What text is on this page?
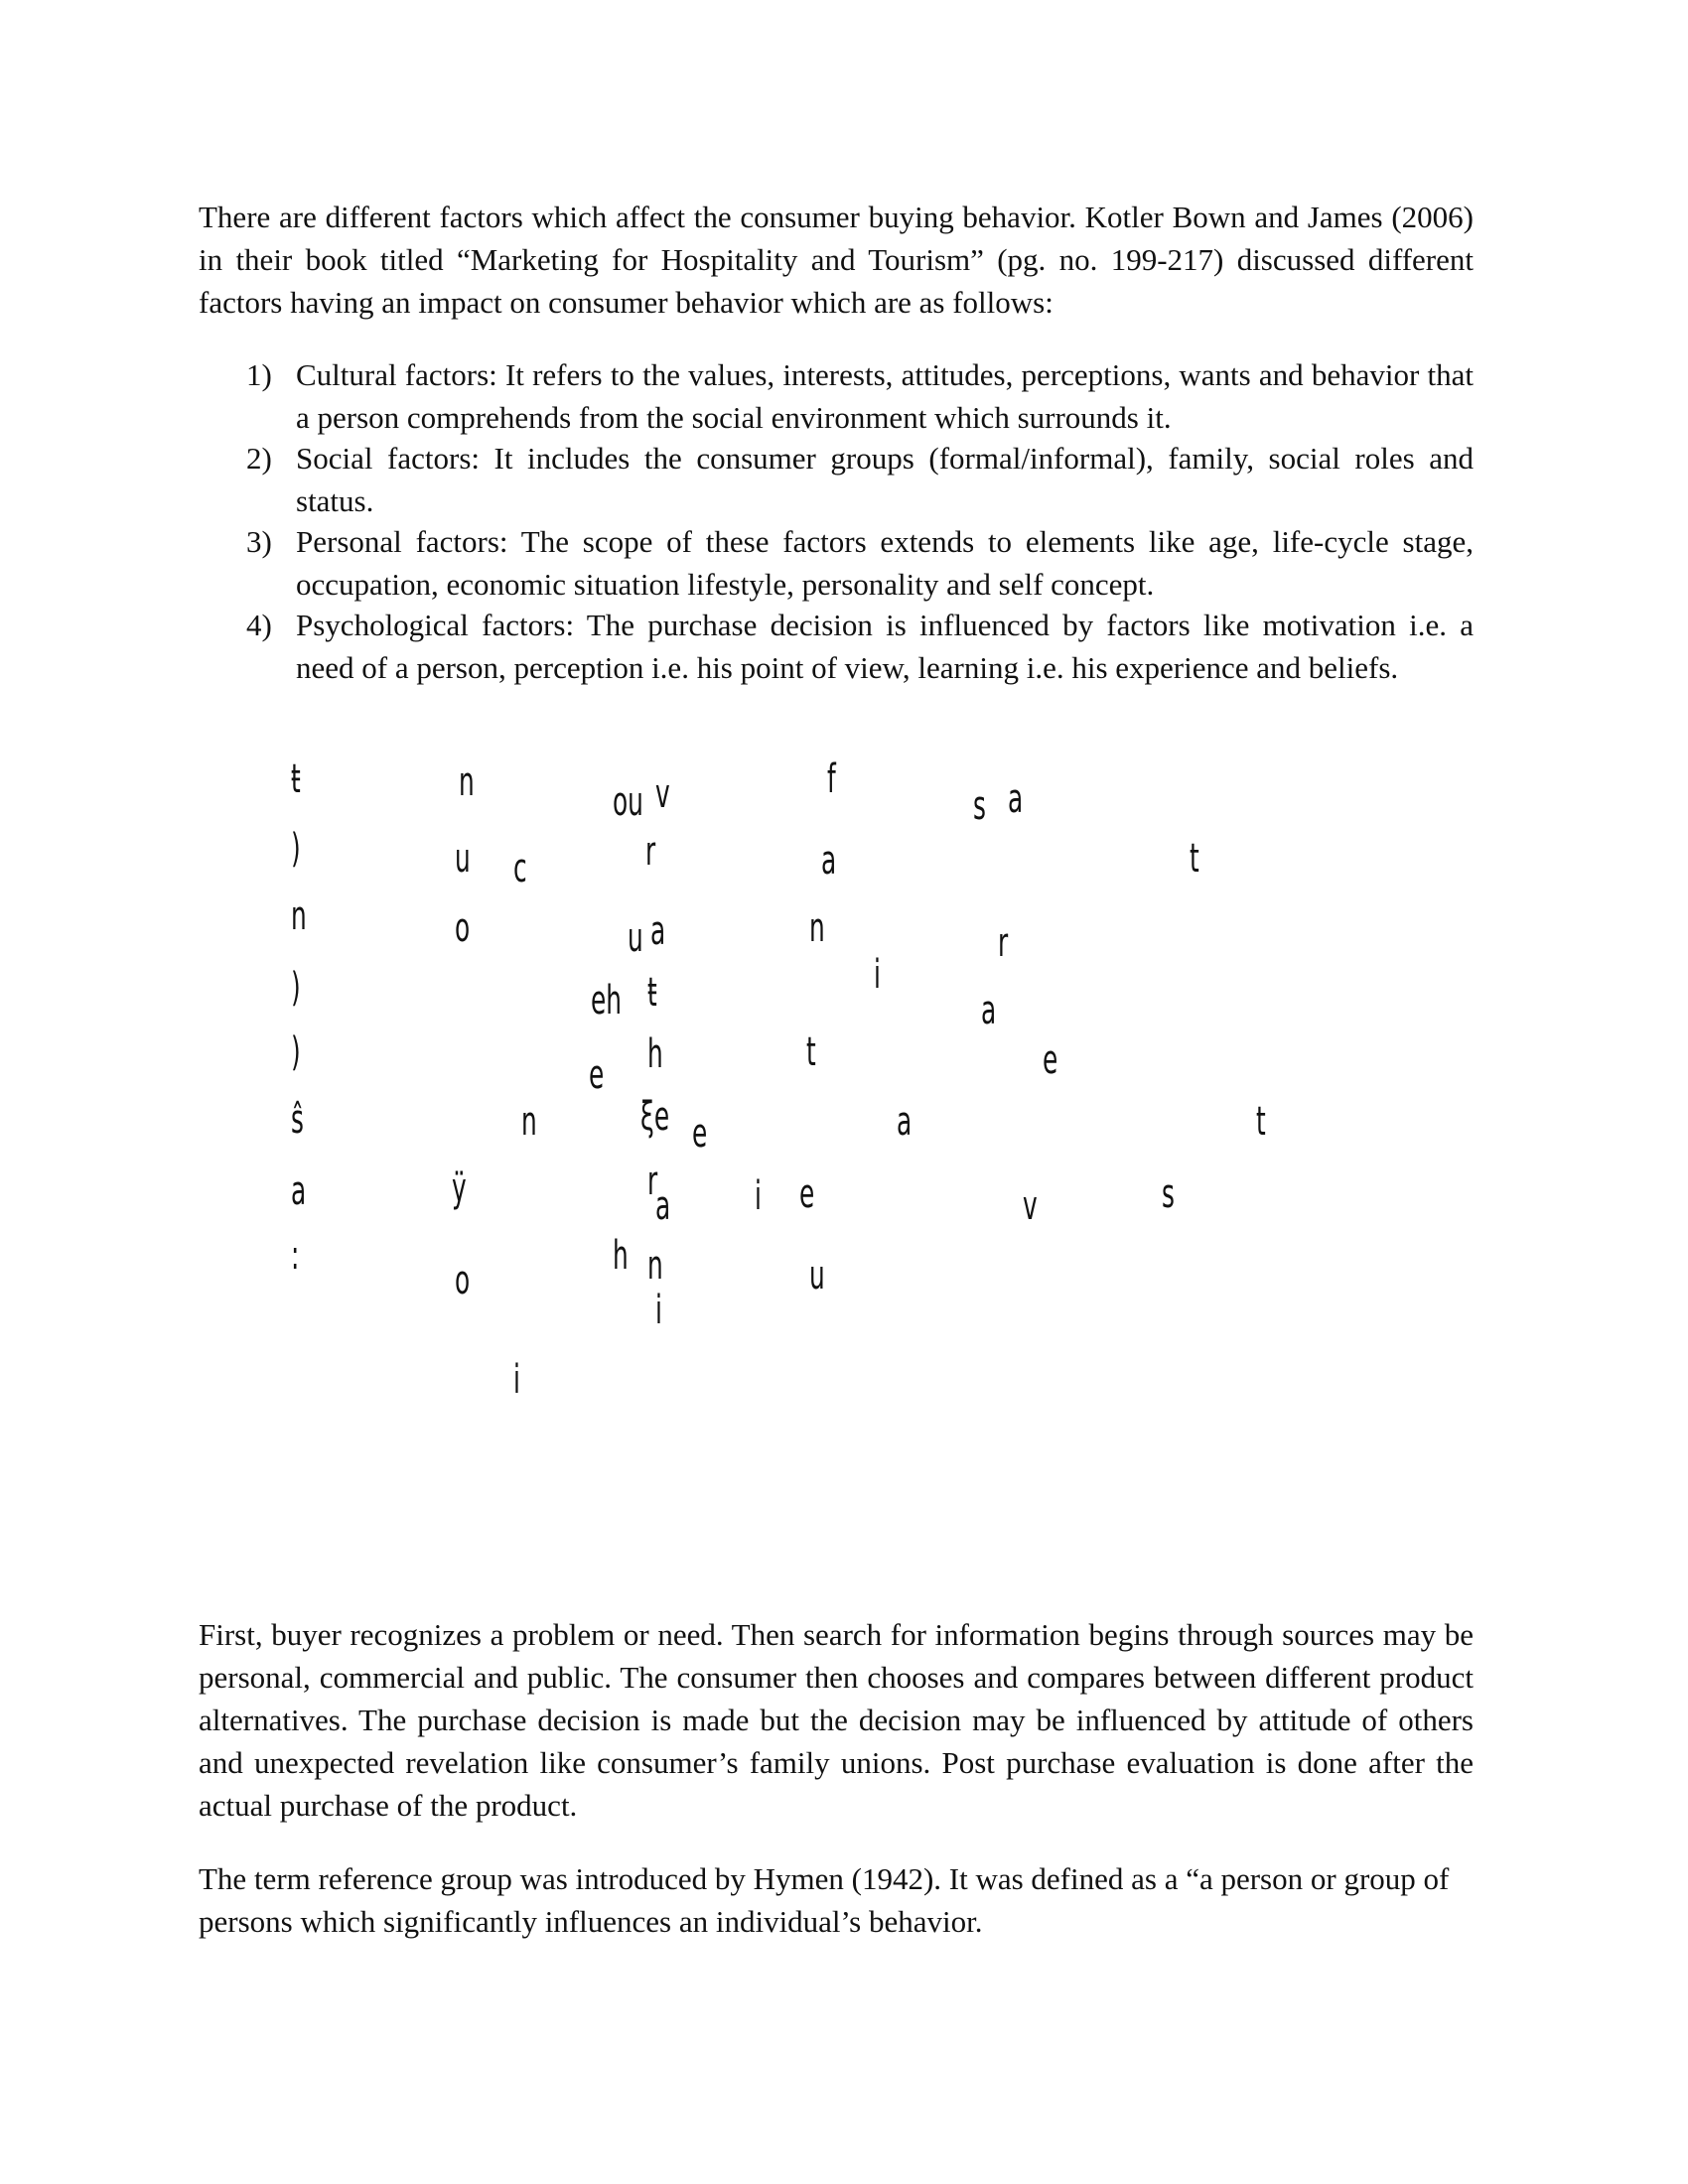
There are different factors which affect the consumer buying behavior. Kotler Bown and James (2006) in their book titled “Marketing for Hospitality and Tourism” (pg. no. 199-217) discussed different factors having an impact on consumer behavior which are as follows:

1) Cultural factors: It refers to the values, interests, attitudes, perceptions, wants and behavior that a person comprehends from the social environment which surrounds it.
2) Social factors: It includes the consumer groups (formal/informal), family, social roles and status.
3) Personal factors: The scope of these factors extends to elements like age, life-cycle stage, occupation, economic situation lifestyle, personality and self concept.
4) Psychological factors: The purchase decision is influenced by factors like motivation i.e. a need of a person, perception i.e. his point of view, learning i.e. his experience and beliefs.
ŧ
)
n
)
)
ŝ
a
:
n
u
o
c
ou v
r
u a
ŧ
eh
e h
f
a
n
i
t
s a
t
r
a
e
n	ξe e	a	t
ÿ	r
a i e	v	s
h n
o	u
i
i

First, buyer recognizes a problem or need. Then search for information begins through sources may be personal, commercial and public. The consumer then chooses and compares between different product alternatives. The purchase decision is made but the decision may be influenced by attitude of others and unexpected revelation like consumer’s family unions. Post purchase evaluation is done after the actual purchase of the product.

The term reference group was introduced by Hymen (1942). It was defined as a “a person or group of persons which significantly influences an individual’s behavior.
